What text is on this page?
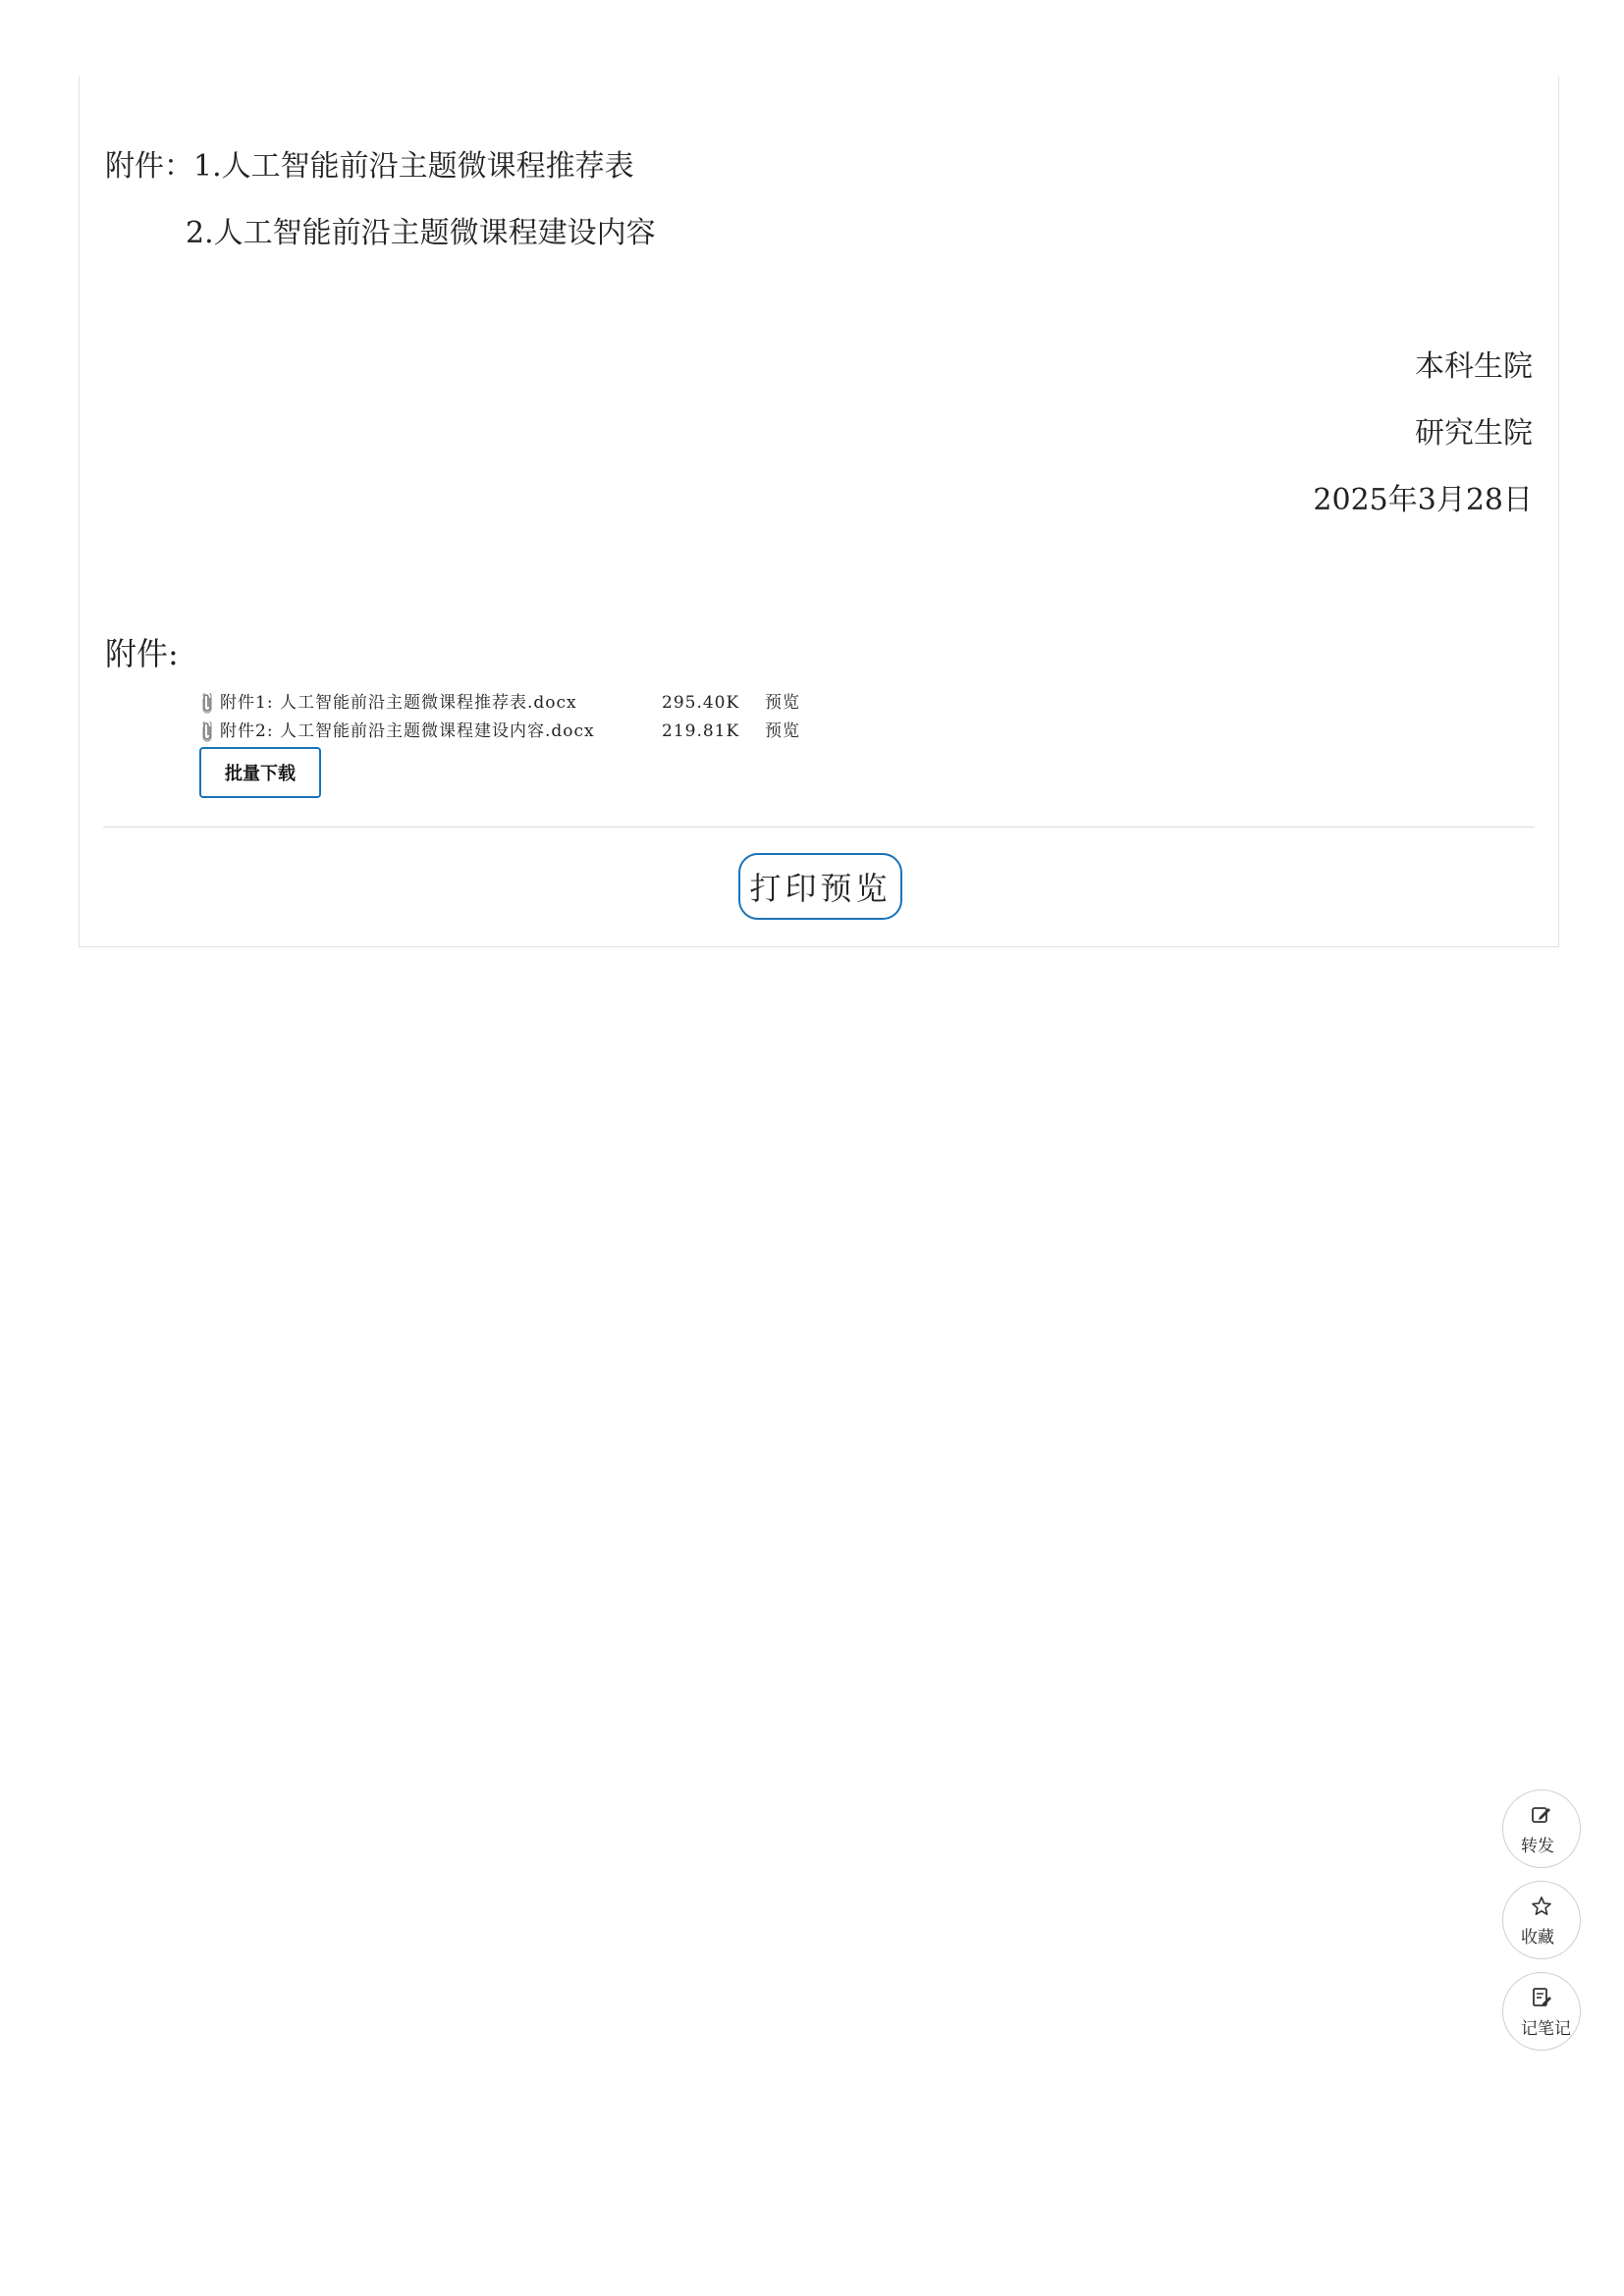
附件：1.人工智能前沿主题微课程推荐表
2.人工智能前沿主题微课程建设内容
本科生院
研究生院
2025年3月28日
附件:
附件1: 人工智能前沿主题微课程推荐表.docx	295.40K	预览
附件2: 人工智能前沿主题微课程建设内容.docx	219.81K	预览
批量下载
打印预览
转发
收藏
记笔记
